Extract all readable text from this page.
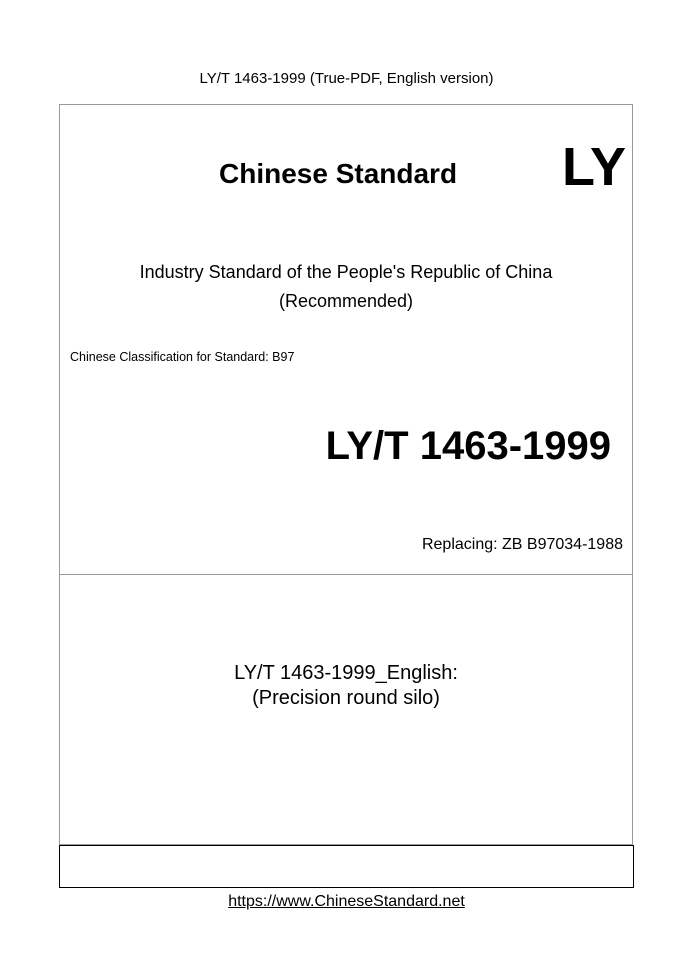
LY/T 1463-1999 (True-PDF, English version)
Chinese Standard LY
Industry Standard of the People's Republic of China
(Recommended)
Chinese Classification for Standard: B97
LY/T 1463-1999
Replacing: ZB B97034-1988
LY/T 1463-1999_English:
(Precision round silo)
https://www.ChineseStandard.net
